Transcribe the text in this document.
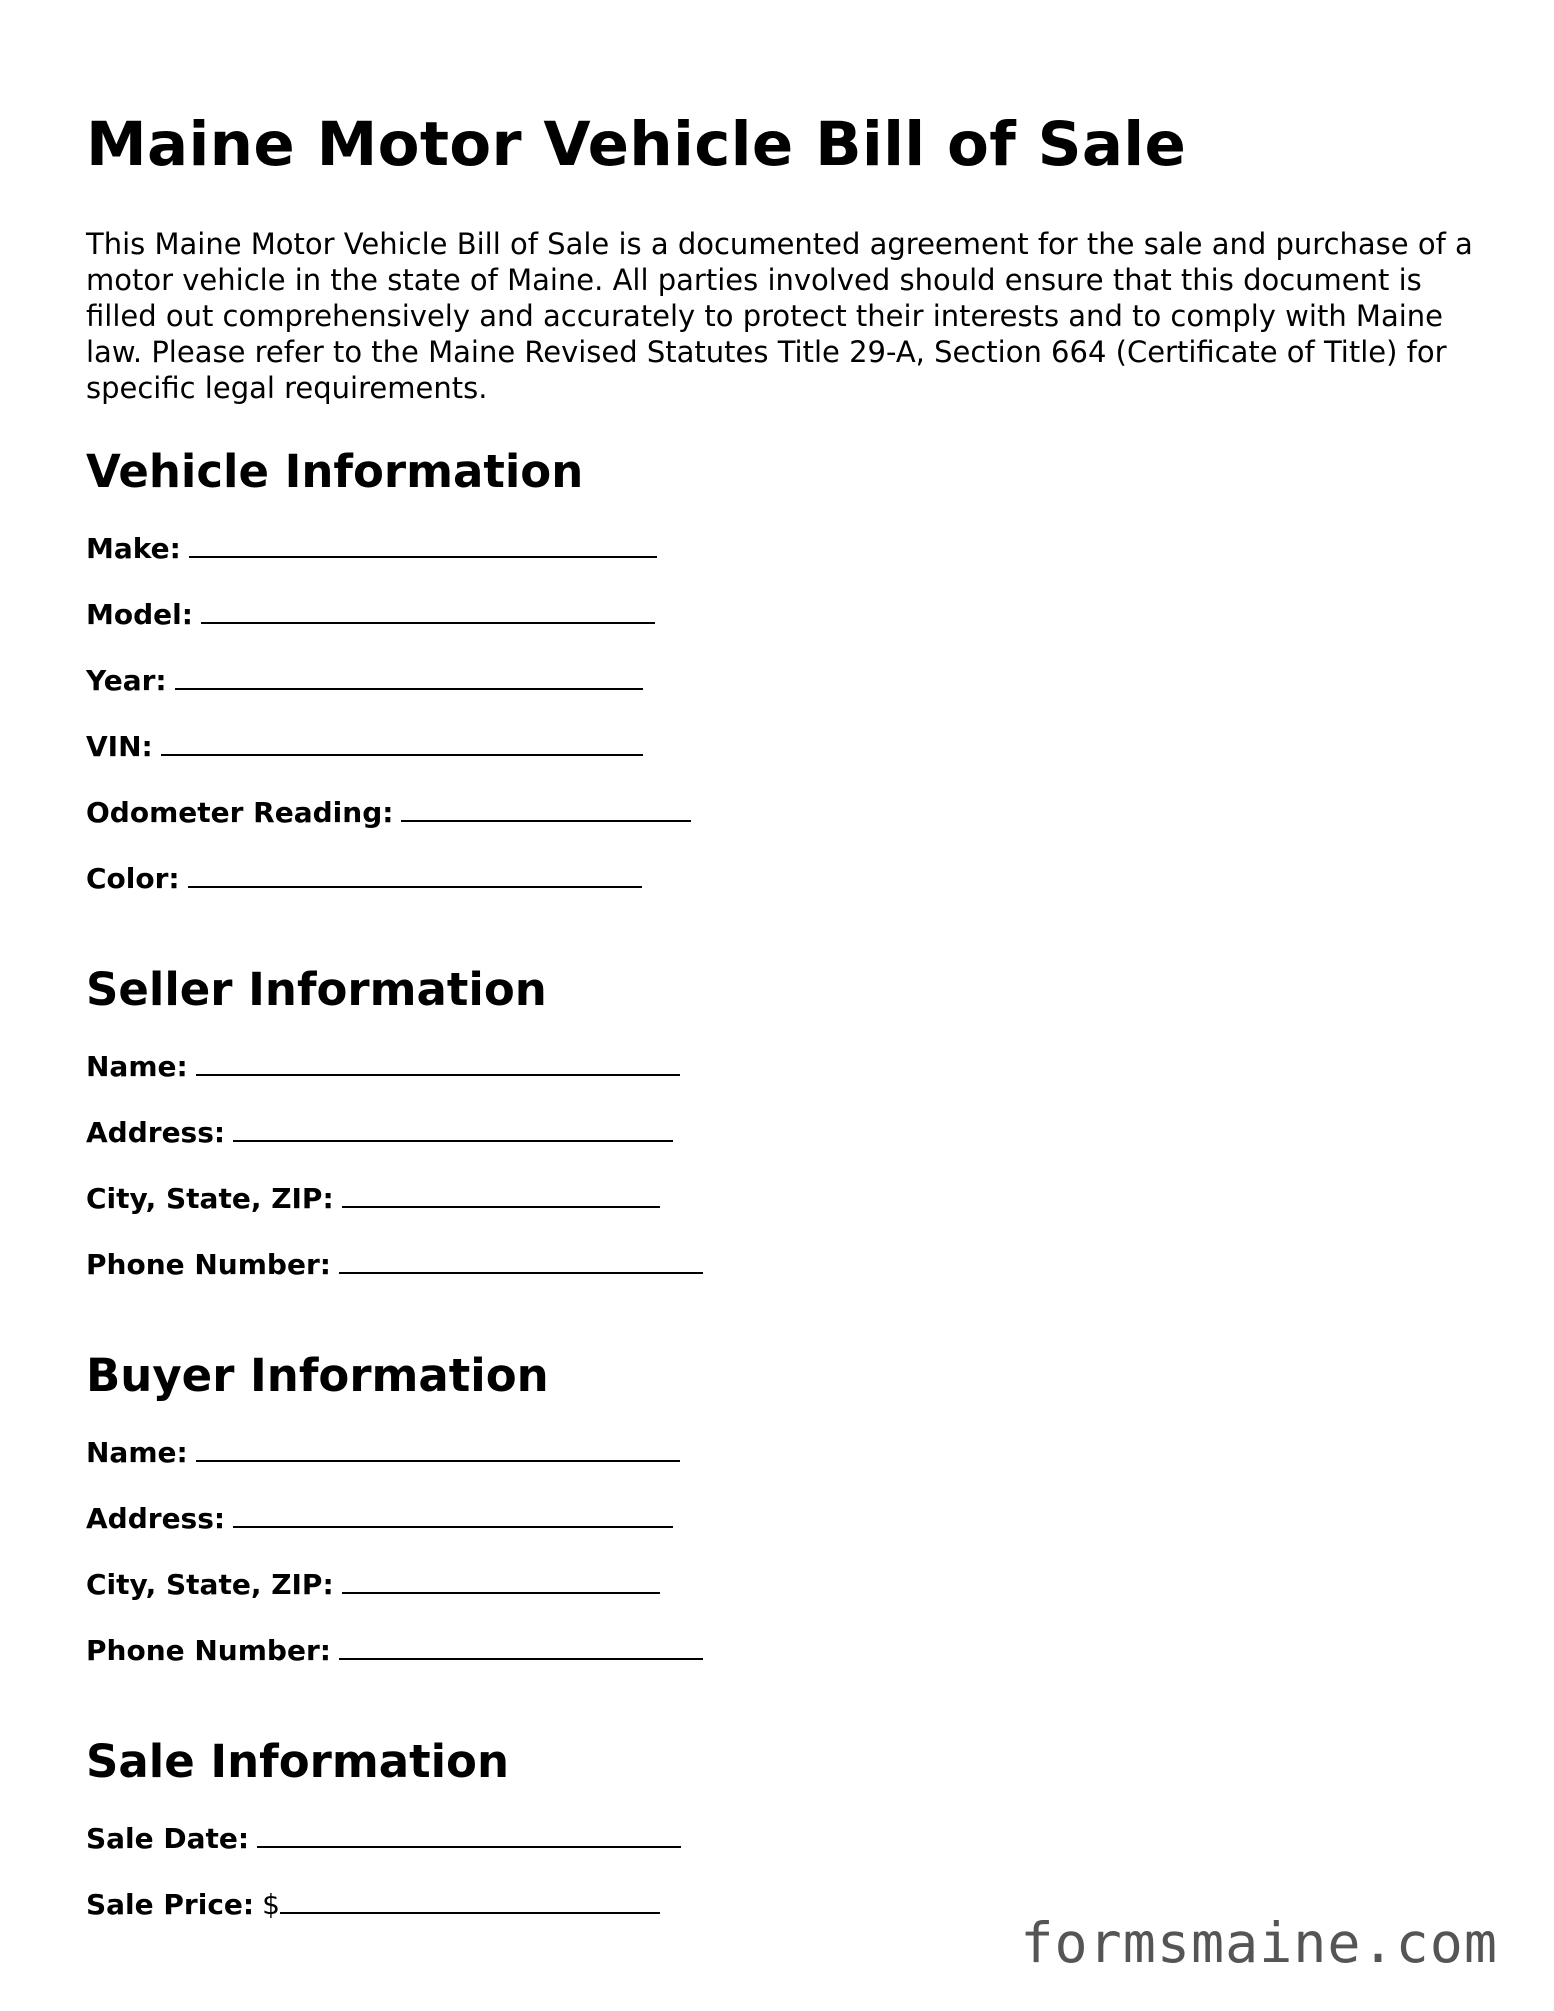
Maine Motor Vehicle Bill of Sale

This Maine Motor Vehicle Bill of Sale is a documented agreement for the sale and purchase of a motor vehicle in the state of Maine. All parties involved should ensure that this document is filled out comprehensively and accurately to protect their interests and to comply with Maine law. Please refer to the Maine Revised Statutes Title 29-A, Section 664 (Certificate of Title) for specific legal requirements.

Vehicle Information
Make:
Model:
Year:
VIN:
Odometer Reading:
Color:
Seller Information
Name:
Address:
City, State, ZIP:
Phone Number:
Buyer Information
Name:
Address:
City, State, ZIP:
Phone Number:
Sale Information
Sale Date:
Sale Price: $
formsmaine.com
